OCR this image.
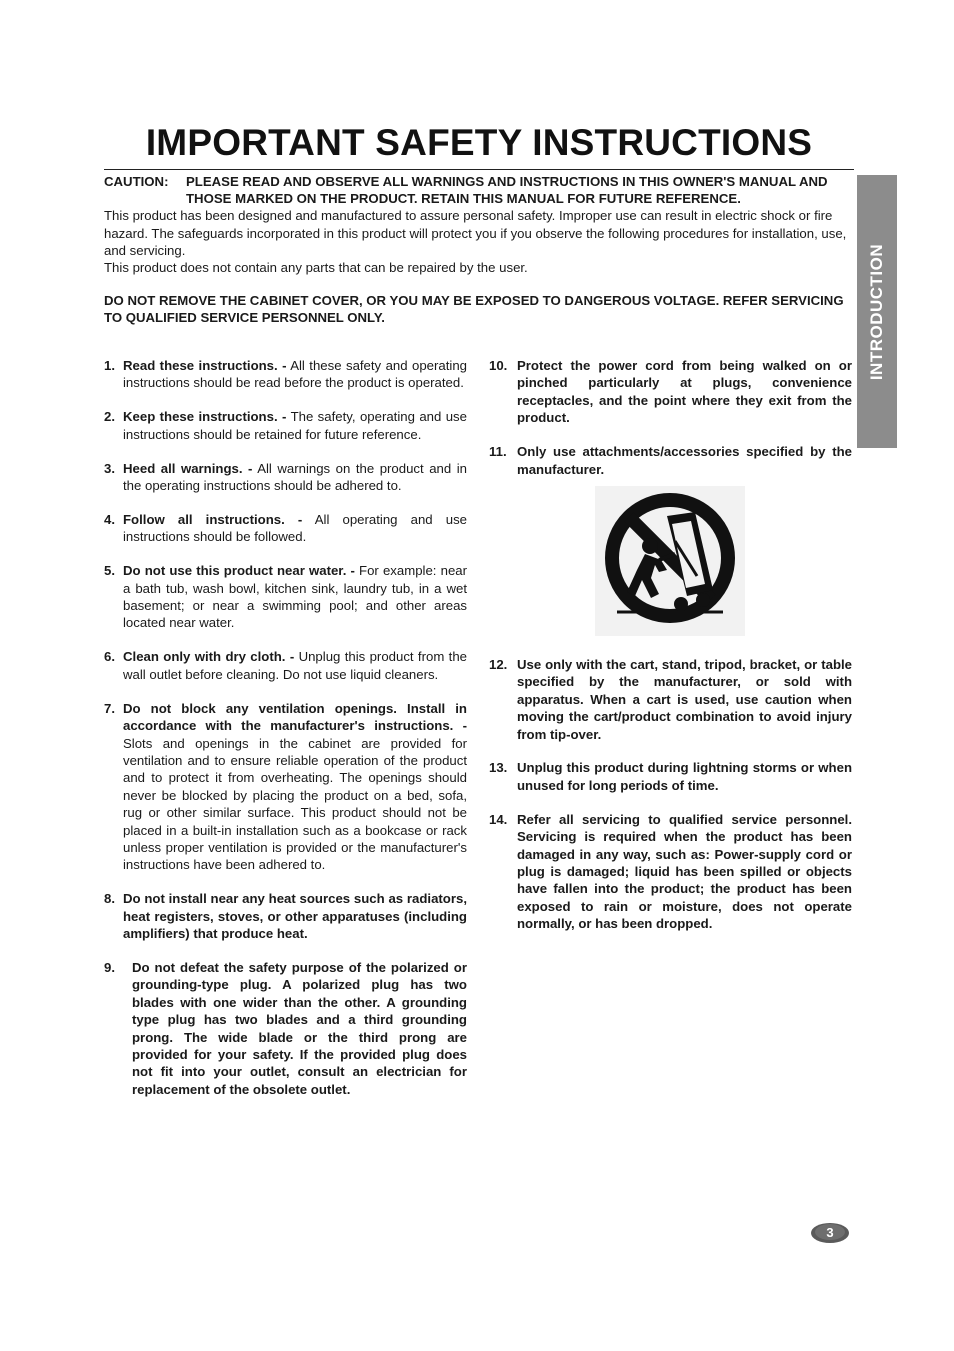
IMPORTANT SAFETY INSTRUCTIONS
INTRODUCTION
CAUTION:	PLEASE READ AND OBSERVE ALL WARNINGS AND INSTRUCTIONS IN THIS OWNER'S MANUAL AND THOSE MARKED ON THE PRODUCT. RETAIN THIS MANUAL FOR FUTURE REFERENCE.

This product has been designed and manufactured to assure personal safety. Improper use can result in electric shock or fire hazard. The safeguards incorporated in this product will protect you if you observe the following procedures for installation, use, and servicing.

This product does not contain any parts that can be repaired by the user.

DO NOT REMOVE THE CABINET COVER, OR YOU MAY BE EXPOSED TO DANGEROUS VOLTAGE. REFER SERVICING TO QUALIFIED SERVICE PERSONNEL ONLY.

1. Read these instructions. - All these safety and operating instructions should be read before the product is operated.
2. Keep these instructions. - The safety, operating and use instructions should be retained for future reference.
3. Heed all warnings. - All warnings on the product and in the operating instructions should be adhered to.
4. Follow all instructions. - All operating and use instructions should be followed.
5. Do not use this product near water. - For example: near a bath tub, wash bowl, kitchen sink, laundry tub, in a wet basement; or near a swimming pool; and other areas located near water.
6. Clean only with dry cloth. - Unplug this product from the wall outlet before cleaning. Do not use liquid cleaners.
7. Do not block any ventilation openings. Install in accordance with the manufacturer's instructions. - Slots and openings in the cabinet are provided for ventilation and to ensure reliable operation of the product and to protect it from overheating. The openings should never be blocked by placing the product on a bed, sofa, rug or other similar surface. This product should not be placed in a built-in installation such as a bookcase or rack unless proper ventilation is provided or the manufacturer's instructions have been adhered to.
8. Do not install near any heat sources such as radiators, heat registers, stoves, or other apparatuses (including amplifiers) that produce heat.
9.	Do not defeat the safety purpose of the polarized or grounding-type plug. A polarized plug has two blades with one wider than the other. A grounding type plug has two blades and a third grounding prong. The wide blade or the third prong are provided for your safety. If the provided plug does not fit into your outlet, consult an electrician for replacement of the obsolete outlet.
10. Protect the power cord from being walked on or pinched particularly at plugs, convenience receptacles, and the point where they exit from the product.
11. Only use attachments/accessories specified by the manufacturer.
12. Use only with the cart, stand, tripod, bracket, or table specified by the manufacturer, or sold with apparatus. When a cart is used, use caution when moving the cart/product combination to avoid injury from tip-over.
13. Unplug this product during lightning storms or when unused for long periods of time.
14. Refer all servicing to qualified service personnel. Servicing is required when the product has been damaged in any way, such as: Power-supply cord or plug is damaged; liquid has been spilled or objects have fallen into the product; the product has been exposed to rain or moisture, does not operate normally, or has been dropped.
3
